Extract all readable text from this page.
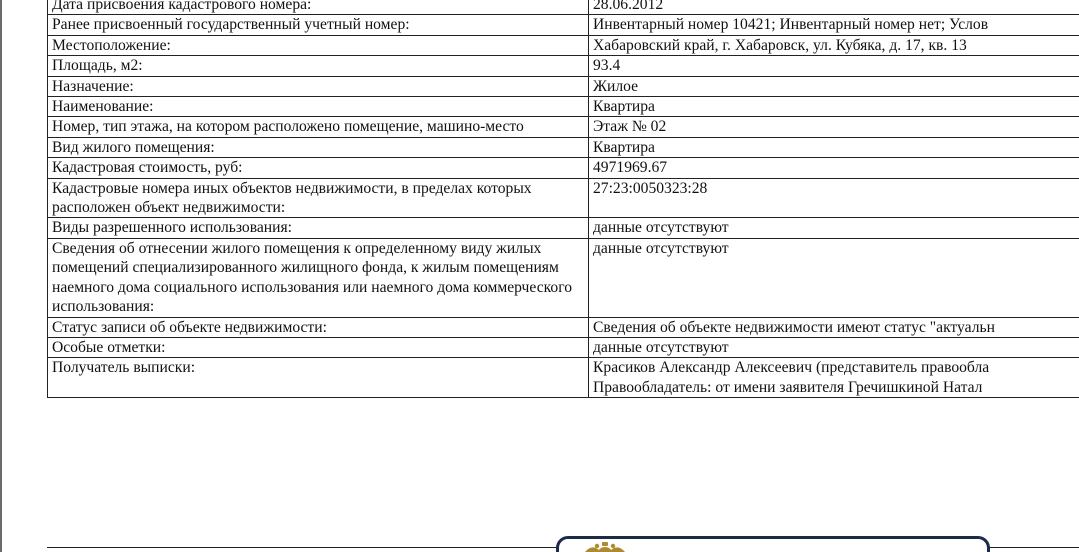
Дата присвоения кадастрового номера:	28.06.2012

Ранее присвоенный государственный учетный номер:	Инвентарный номер 10421; Инвентарный номер нет; Услов

Местоположение:	Хабаровский край, г. Хабаровск, ул. Кубяка, д. 17, кв. 13

Площадь, м2:	93.4

Назначение:	Жилое

Наименование:	Квартира

Номер, тип этажа, на котором расположено помещение, машино-место	Этаж № 02

Вид жилого помещения:	Квартира

Кадастровая стоимость, руб:	4971969.67

Кадастровые номера иных объектов недвижимости, в пределах которых расположен объект недвижимости:	27:23:0050323:28

Виды разрешенного использования:	данные отсутствуют

Сведения об отнесении жилого помещения к определенному виду жилых помещений специализированного жилищного фонда, к жилым помещениям наемного дома социального использования или наемного дома коммерческого использования:	данные отсутствуют

Статус записи об объекте недвижимости:	Сведения об объекте недвижимости имеют статус "актуальн

Особые отметки:	данные отсутствуют

Получатель выписки:	Красиков Александр Алексеевич (представитель правообла
Правообладатель: от имени заявителя Гречишкиной Натал
